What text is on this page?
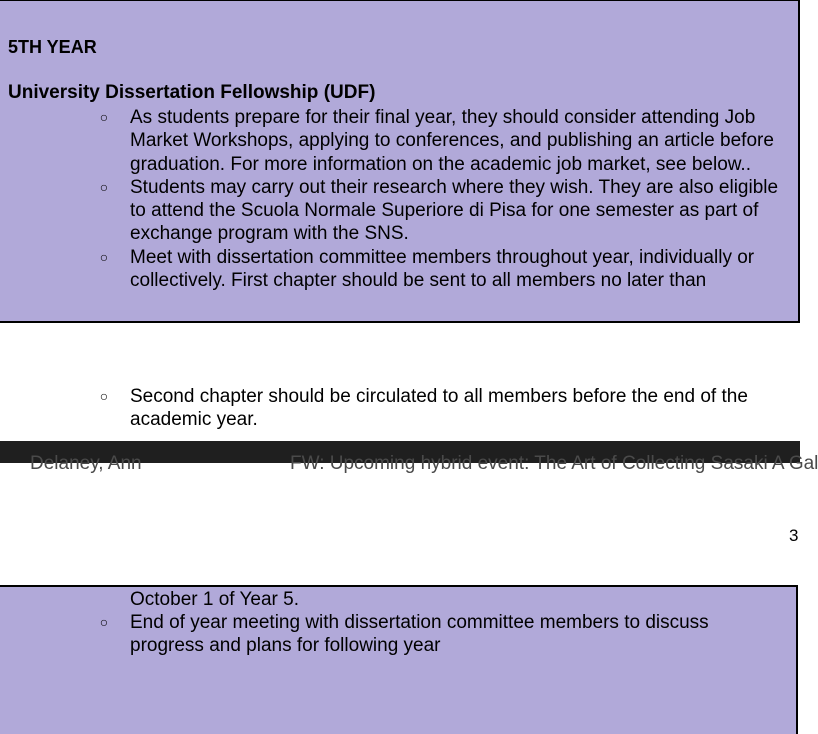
5TH YEAR
University Dissertation Fellowship (UDF)
○ As students prepare for their final year, they should consider attending Job Market Workshops, applying to conferences, and publishing an article before graduation. For more information on the academic job market, see below..
○ Students may carry out their research where they wish. They are also eligible to attend the Scuola Normale Superiore di Pisa for one semester as part of exchange program with the SNS.
○ Meet with dissertation committee members throughout year, individually or collectively. First chapter should be sent to all members no later than
○ Second chapter should be circulated to all members before the end of the academic year.
Delaney, Ann	FW: Upcoming hybrid event: The Art of Collecting Sasaki A Gal
3
October 1 of Year 5.
○ End of year meeting with dissertation committee members to discuss progress and plans for following year
